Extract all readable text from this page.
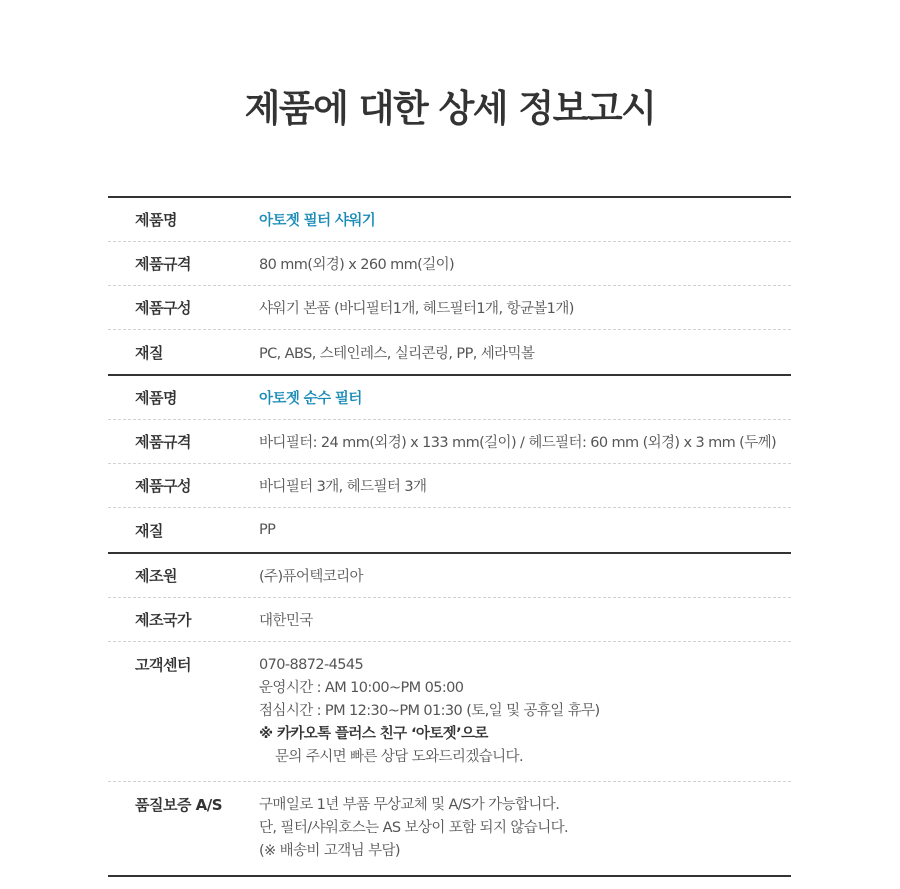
제품에 대한 상세 정보고시
제품명	아토젯 필터 샤워기
제품규격	80 mm(외경) x 260 mm(길이)
제품구성	샤워기 본품 (바디필터1개, 헤드필터1개, 항균볼1개)
재질	PC, ABS, 스테인레스, 실리콘링, PP, 세라믹볼
제품명	아토젯 순수 필터
제품규격	바디필터: 24 mm(외경) x 133 mm(길이) / 헤드필터: 60 mm (외경) x 3 mm (두께)
제품구성	바디필터 3개, 헤드필터 3개
재질	PP
제조원	(주)퓨어텍코리아
제조국가	대한민국
고객센터	070-8872-4545
운영시간 : AM 10:00~PM 05:00
점심시간 : PM 12:30~PM 01:30 (토,일 및 공휴일 휴무)
※ 카카오톡 플러스 친구 ‘아토젯’으로
문의 주시면 빠른 상담 도와드리겠습니다.
품질보증 A/S	구매일로 1년 부품 무상교체 및 A/S가 가능합니다.
단, 필터/샤워호스는 AS 보상이 포함 되지 않습니다.
(※ 배송비 고객님 부담)
